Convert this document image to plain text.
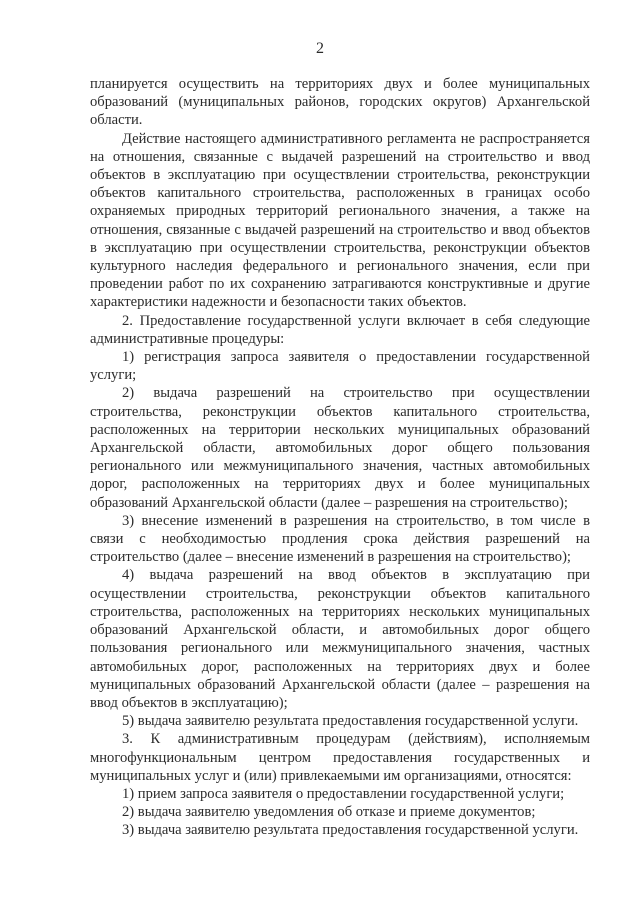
2

планируется осуществить на территориях двух и более муниципальных образований (муниципальных районов, городских округов) Архангельской области.

Действие настоящего административного регламента не распространяется на отношения, связанные с выдачей разрешений на строительство и ввод объектов в эксплуатацию при осуществлении строительства, реконструкции объектов капитального строительства, расположенных в границах особо охраняемых природных территорий регионального значения, а также на отношения, связанные с выдачей разрешений на строительство и ввод объектов в эксплуатацию при осуществлении строительства, реконструкции объектов культурного наследия федерального и регионального значения, если при проведении работ по их сохранению затрагиваются конструктивные и другие характеристики надежности и безопасности таких объектов.

2. Предоставление государственной услуги включает в себя следующие административные процедуры:

1) регистрация запроса заявителя о предоставлении государственной услуги;

2) выдача разрешений на строительство при осуществлении строительства, реконструкции объектов капитального строительства, расположенных на территории нескольких муниципальных образований Архангельской области, автомобильных дорог общего пользования регионального или межмуниципального значения, частных автомобильных дорог, расположенных на территориях двух и более муниципальных образований Архангельской области (далее – разрешения на строительство);

3) внесение изменений в разрешения на строительство, в том числе в связи с необходимостью продления срока действия разрешений на строительство (далее – внесение изменений в разрешения на строительство);

4) выдача разрешений на ввод объектов в эксплуатацию при осуществлении строительства, реконструкции объектов капитального строительства, расположенных на территориях нескольких муниципальных образований Архангельской области, и автомобильных дорог общего пользования регионального или межмуниципального значения, частных автомобильных дорог, расположенных на территориях двух и более муниципальных образований Архангельской области (далее – разрешения на ввод объектов в эксплуатацию);

5) выдача заявителю результата предоставления государственной услуги.

3. К административным процедурам (действиям), исполняемым многофункциональным центром предоставления государственных и муниципальных услуг и (или) привлекаемыми им организациями, относятся:

1) прием запроса заявителя о предоставлении государственной услуги;

2) выдача заявителю уведомления об отказе и приеме документов;

3) выдача заявителю результата предоставления государственной услуги.
